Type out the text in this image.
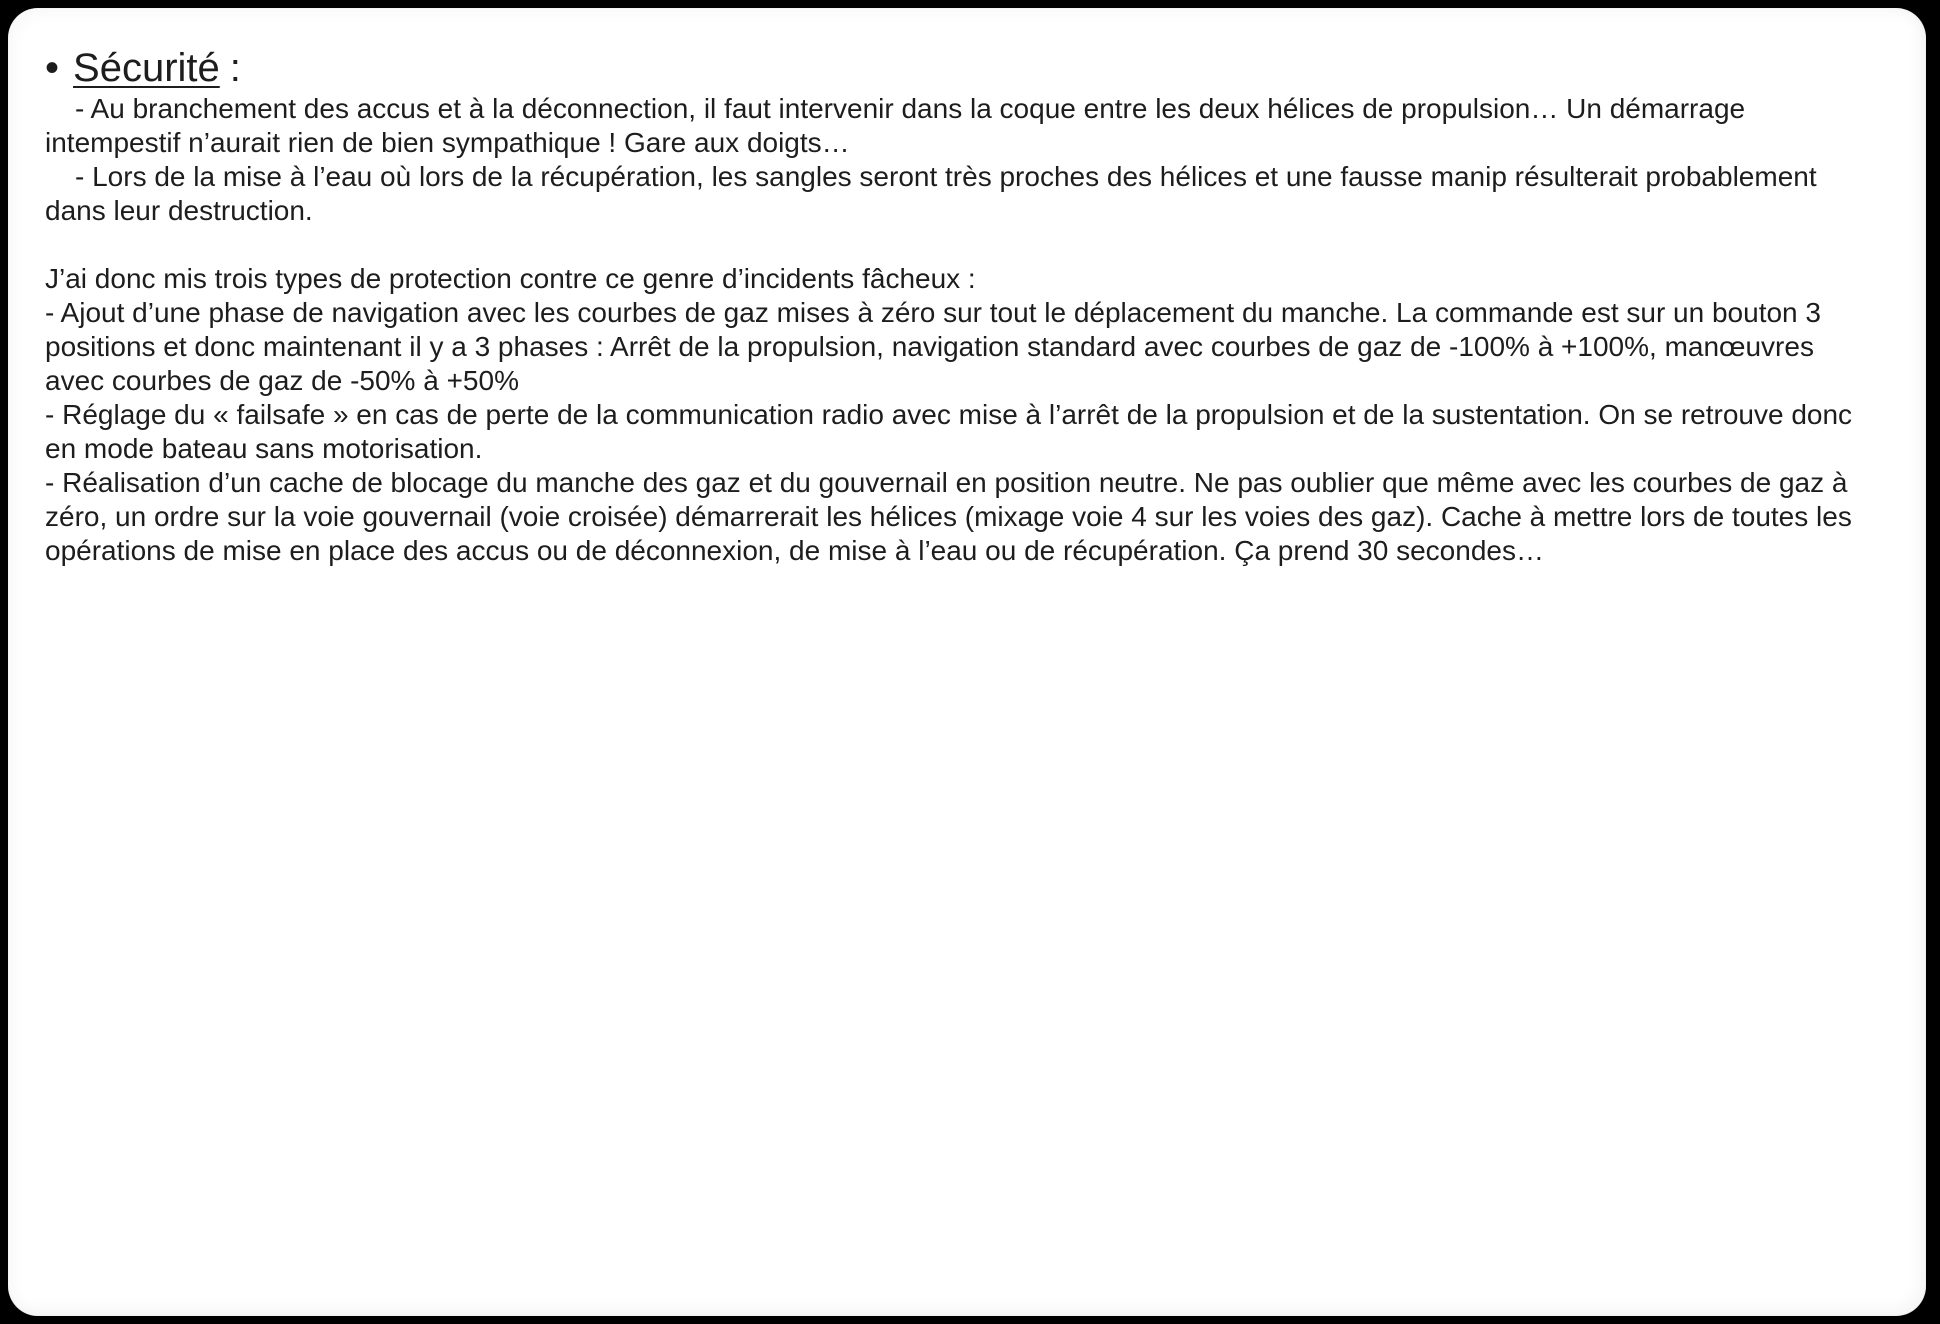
• Sécurité :

- Au branchement des accus et à la déconnection, il faut intervenir dans la coque entre les deux hélices de propulsion… Un démarrage intempestif n’aurait rien de bien sympathique ! Gare aux doigts…

- Lors de la mise à l’eau où lors de la récupération, les sangles seront très proches des hélices et une fausse manip résulterait probablement dans leur destruction.

J’ai donc mis trois types de protection contre ce genre d’incidents fâcheux :

- Ajout d’une phase de navigation avec les courbes de gaz mises à zéro sur tout le déplacement du manche. La commande est sur un bouton 3 positions et donc maintenant il y a 3 phases : Arrêt de la propulsion, navigation standard avec courbes de gaz de -100% à +100%, manœuvres avec courbes de gaz de -50% à +50%

- Réglage du « failsafe » en cas de perte de la communication radio avec mise à l’arrêt de la propulsion et de la sustentation. On se retrouve donc en mode bateau sans motorisation.

- Réalisation d’un cache de blocage du manche des gaz et du gouvernail en position neutre. Ne pas oublier que même avec les courbes de gaz à zéro, un ordre sur la voie gouvernail (voie croisée) démarrerait les hélices (mixage voie 4 sur les voies des gaz). Cache à mettre lors de toutes les opérations de mise en place des accus ou de déconnexion, de mise à l’eau ou de récupération. Ça prend 30 secondes…
